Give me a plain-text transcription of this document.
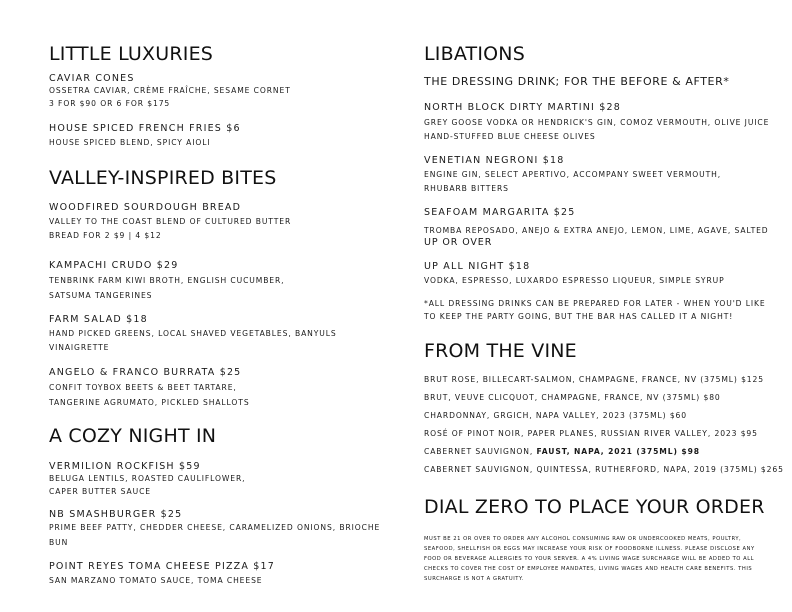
LITTLE LUXURIES
CAVIAR CONES
OSSETRA CAVIAR, CRÈME FRAÎCHE, SESAME CORNET
3 FOR $90 OR 6 FOR $175
HOUSE SPICED FRENCH FRIES $6
HOUSE SPICED BLEND, SPICY AIOLI
VALLEY-INSPIRED BITES
WOODFIRED SOURDOUGH BREAD
VALLEY TO THE COAST BLEND OF CULTURED BUTTER
BREAD FOR 2 $9 | 4 $12
KAMPACHI CRUDO $29
TENBRINK FARM KIWI BROTH, ENGLISH CUCUMBER,
SATSUMA TANGERINES
FARM SALAD $18
HAND PICKED GREENS, LOCAL SHAVED VEGETABLES, BANYULS
VINAIGRETTE
ANGELO & FRANCO BURRATA $25
CONFIT TOYBOX BEETS & BEET TARTARE,
TANGERINE AGRUMATO, PICKLED SHALLOTS
A COZY NIGHT IN
VERMILION ROCKFISH $59
BELUGA LENTILS, ROASTED CAULIFLOWER,
CAPER BUTTER SAUCE
NB SMASHBURGER $25
PRIME BEEF PATTY, CHEDDER CHEESE, CARAMELIZED ONIONS, BRIOCHE
BUN
POINT REYES TOMA CHEESE PIZZA $17
SAN MARZANO TOMATO SAUCE, TOMA CHEESE
LIBATIONS
THE DRESSING DRINK; FOR THE BEFORE & AFTER*
NORTH BLOCK DIRTY MARTINI $28
GREY GOOSE VODKA OR HENDRICK'S GIN, COMOZ VERMOUTH, OLIVE JUICE
HAND-STUFFED BLUE CHEESE OLIVES
VENETIAN NEGRONI $18
ENGINE GIN, SELECT APERTIVO, ACCOMPANY SWEET VERMOUTH,
RHUBARB BITTERS
SEAFOAM MARGARITA $25
TROMBA REPOSADO, ANEJO & EXTRA ANEJO, LEMON, LIME, AGAVE, SALTED
UP OR OVER
UP ALL NIGHT $18
VODKA, ESPRESSO, LUXARDO ESPRESSO LIQUEUR, SIMPLE SYRUP
*ALL DRESSING DRINKS CAN BE PREPARED FOR LATER - WHEN YOU'D LIKE
TO KEEP THE PARTY GOING, BUT THE BAR HAS CALLED IT A NIGHT!
FROM THE VINE
BRUT ROSE, BILLECART-SALMON, CHAMPAGNE, FRANCE, NV (375ML) $125
BRUT, VEUVE CLICQUOT, CHAMPAGNE, FRANCE, NV (375ML) $80
CHARDONNAY, GRGICH, NAPA VALLEY, 2023 (375ML) $60
ROSÉ OF PINOT NOIR, PAPER PLANES, RUSSIAN RIVER VALLEY, 2023 $95
CABERNET SAUVIGNON, FAUST, NAPA, 2021 (375ML) $98
CABERNET SAUVIGNON, QUINTESSA, RUTHERFORD, NAPA, 2019 (375ML) $265
DIAL ZERO TO PLACE YOUR ORDER
MUST BE 21 OR OVER TO ORDER ANY ALCOHOL CONSUMING RAW OR UNDERCOOKED MEATS, POULTRY, SEAFOOD, SHELLFISH OR EGGS MAY INCREASE YOUR RISK OF FOODBORNE ILLNESS. PLEASE DISCLOSE ANY FOOD OR BEVERAGE ALLERGIES TO YOUR SERVER. A 4% LIVING WAGE SURCHARGE WILL BE ADDED TO ALL CHECKS TO COVER THE COST OF EMPLOYEE MANDATES, LIVING WAGES AND HEALTH CARE BENEFITS. THIS SURCHARGE IS NOT A GRATUITY.
